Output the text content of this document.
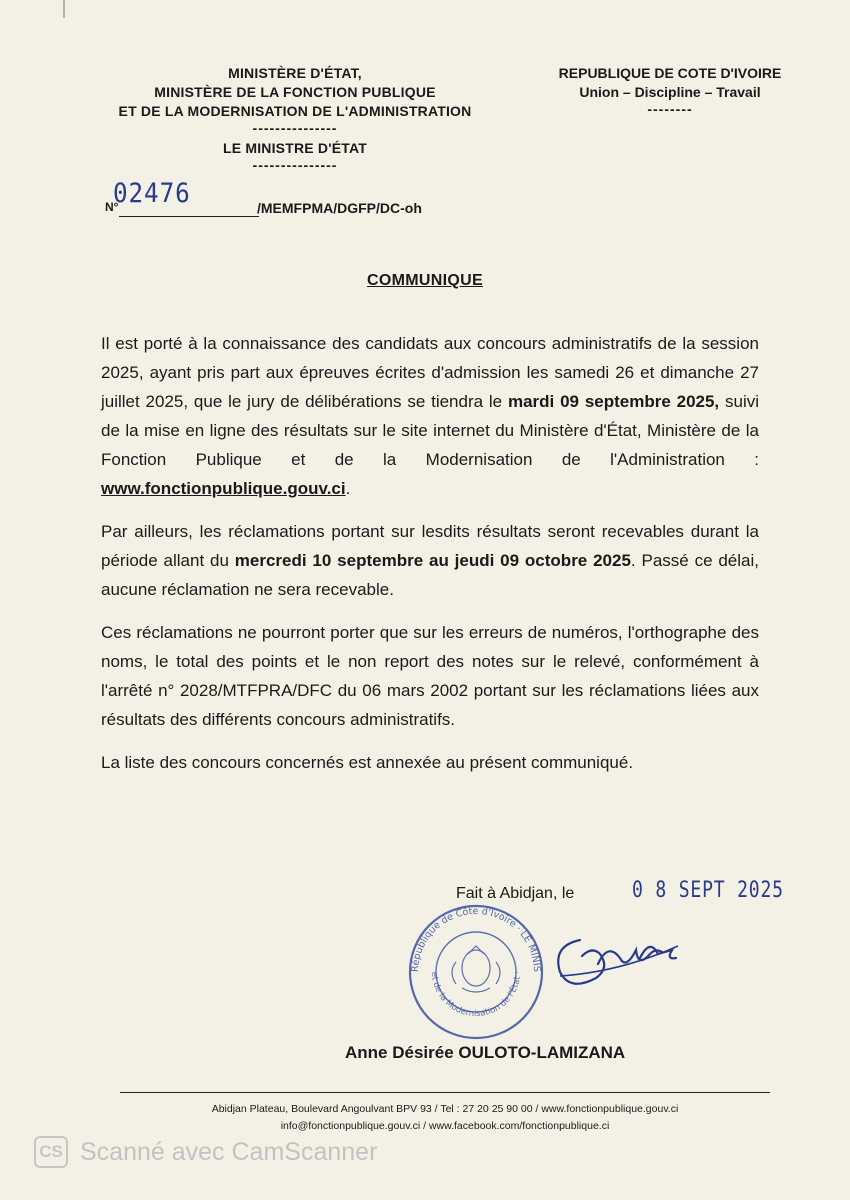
MINISTÈRE D'ÉTAT,
MINISTÈRE DE LA FONCTION PUBLIQUE
ET DE LA MODERNISATION DE L'ADMINISTRATION
---------------
LE MINISTRE D'ÉTAT
---------------
REPUBLIQUE DE COTE D'IVOIRE
Union – Discipline – Travail
--------
N°
02476	/MEMFPMA/DGFP/DC-oh
COMMUNIQUE

Il est porté à la connaissance des candidats aux concours administratifs de la session 2025, ayant pris part aux épreuves écrites d'admission les samedi 26 et dimanche 27 juillet 2025, que le jury de délibérations se tiendra le mardi 09 septembre 2025, suivi de la mise en ligne des résultats sur le site internet du Ministère d'État, Ministère de la Fonction Publique et de la Modernisation de l'Administration : www.fonctionpublique.gouv.ci.

Par ailleurs, les réclamations portant sur lesdits résultats seront recevables durant la période allant du mercredi 10 septembre au jeudi 09 octobre 2025. Passé ce délai, aucune réclamation ne sera recevable.

Ces réclamations ne pourront porter que sur les erreurs de numéros, l'orthographe des noms, le total des points et le non report des notes sur le relevé, conformément à l'arrêté n° 2028/MTFPRA/DFC du 06 mars 2002 portant sur les réclamations liées aux résultats des différents concours administratifs.

La liste des concours concernés est annexée au présent communiqué.

Fait à Abidjan, le	0 8 SEPT 2025
République de Côte d'Ivoire · LE MINIS
et de la Modernisation de l'État ·
Anne Désirée OULOTO-LAMIZANA
Abidjan Plateau, Boulevard Angoulvant BPV 93 / Tel : 27 20 25 90 00 / www.fonctionpublique.gouv.ci
info@fonctionpublique.gouv.ci / www.facebook.com/fonctionpublique.ci
CS Scanné avec CamScanner
